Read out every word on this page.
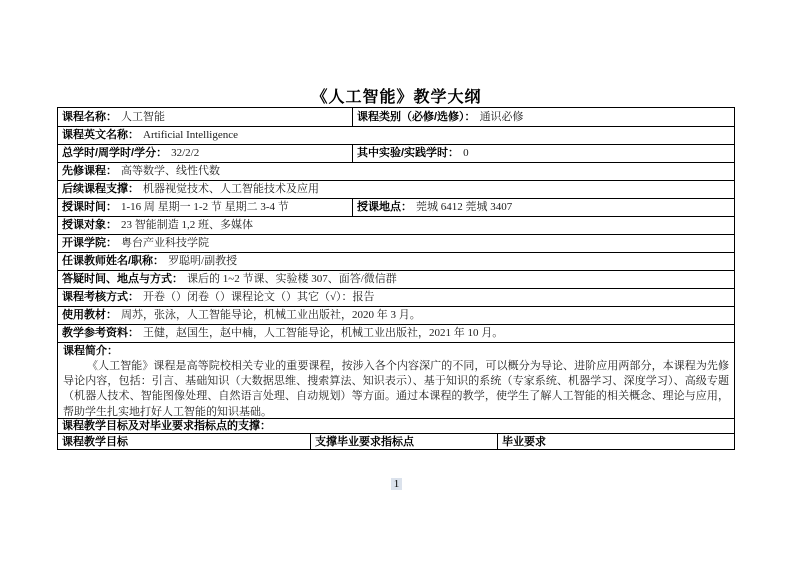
《人工智能》教学大纲
课程名称： 人工智能	课程类别（必修/选修）： 通识必修
课程英文名称： Artificial Intelligence
总学时/周学时/学分： 32/2/2	其中实验/实践学时： 0
先修课程： 高等数学、线性代数
后续课程支撑： 机器视觉技术、人工智能技术及应用
授课时间： 1-16 周 星期一 1-2 节 星期二 3-4 节	授课地点： 莞城 6412 莞城 3407
授课对象： 23 智能制造 1,2 班、多媒体
开课学院： 粤台产业科技学院
任课教师姓名/职称： 罗聪明/副教授
答疑时间、地点与方式： 课后的 1~2 节课、实验楼 307、面答/微信群
课程考核方式： 开卷（）闭卷（）课程论文（）其它（√）：报告
使用教材： 周苏，张泳，人工智能导论，机械工业出版社，2020 年 3 月。
教学参考资料： 王健，赵国生，赵中楠，人工智能导论，机械工业出版社，2021 年 10 月。
课程简介：

《人工智能》课程是高等院校相关专业的重要课程，按涉入各个内容深广的不同，可以概分为导论、进阶应用两部分，本课程为先修导论内容，包括：引言、基础知识（大数据思维、搜索算法、知识表示）、基于知识的系统（专家系统、机器学习、深度学习）、高级专题（机器人技术、智能图像处理、自然语言处理、自动规划）等方面。通过本课程的教学，使学生了解人工智能的相关概念、理论与应用，帮助学生扎实地打好人工智能的知识基础。

课程教学目标及对毕业要求指标点的支撑：
课程教学目标	支撑毕业要求指标点	毕业要求
1
